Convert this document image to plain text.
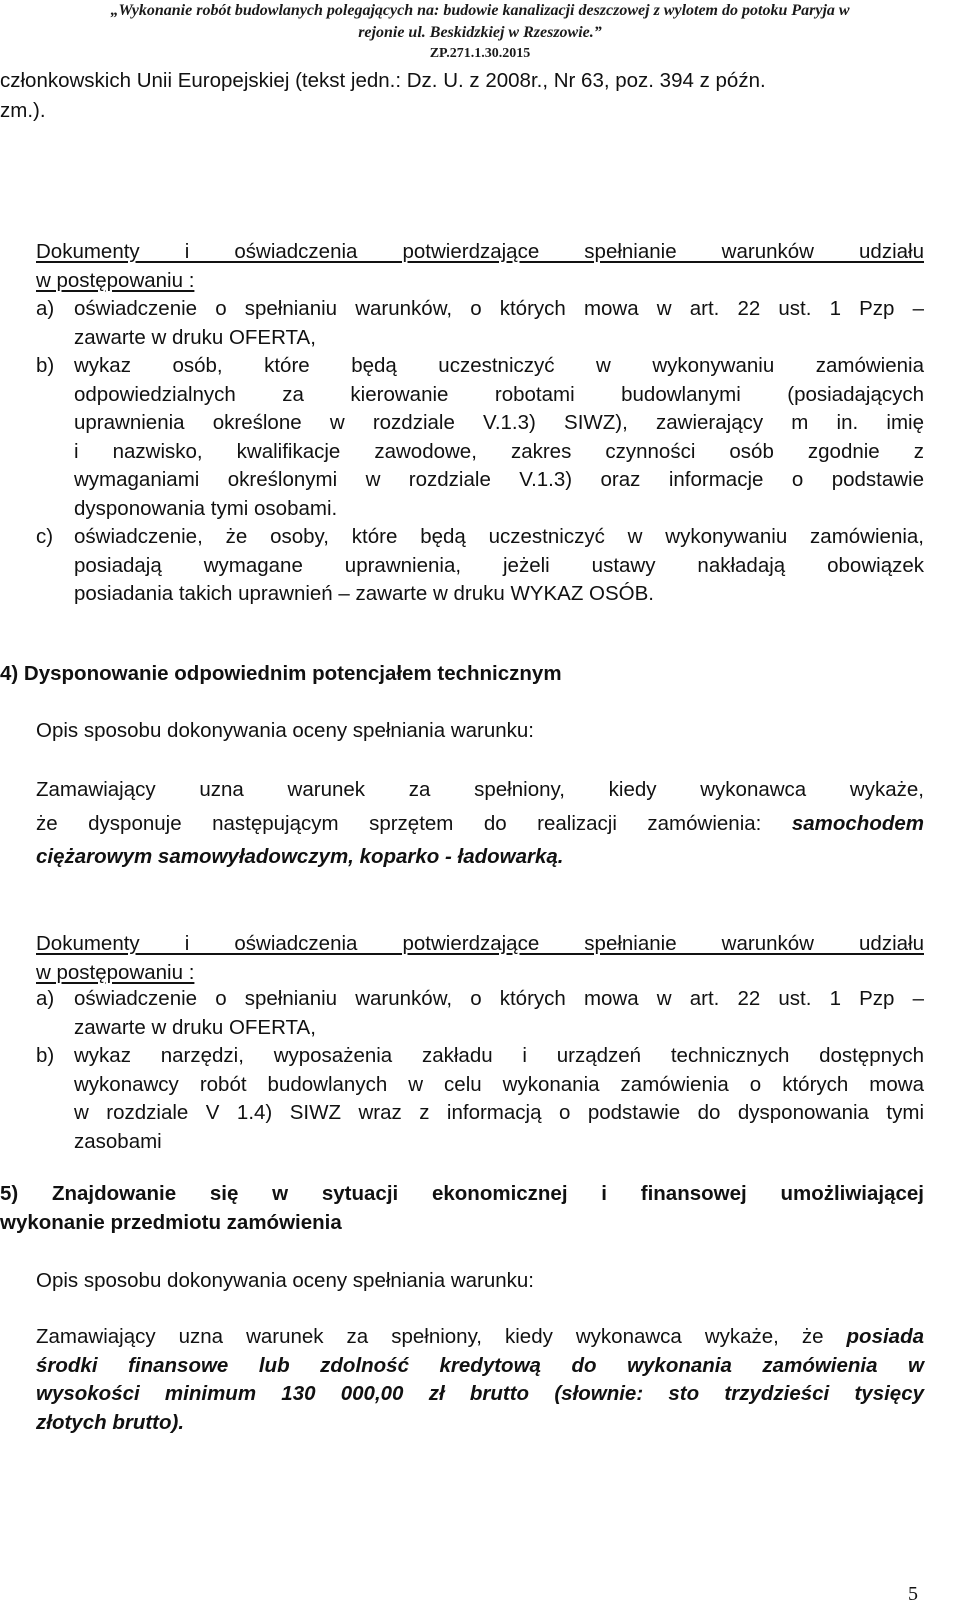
„Wykonanie robót budowlanych polegających na: budowie kanalizacji deszczowej z wylotem do potoku Paryja w
rejonie ul. Beskidzkiej w Rzeszowie.”
ZP.271.1.30.2015
członkowskich Unii Europejskiej (tekst jedn.: Dz. U. z 2008r., Nr 63, poz. 394 z późn.
zm.).
Dokumenty i oświadczenia potwierdzające spełnianie warunków udziału
w postępowaniu :
a) oświadczenie o spełnianiu warunków, o których mowa w art. 22 ust. 1 Pzp –
zawarte w druku OFERTA,
b) wykaz osób, które będą uczestniczyć w wykonywaniu zamówienia
odpowiedzialnych za kierowanie robotami budowlanymi (posiadających
uprawnienia określone w rozdziale V.1.3) SIWZ), zawierający m in. imię
i nazwisko, kwalifikacje zawodowe, zakres czynności osób zgodnie z
wymaganiami określonymi w rozdziale V.1.3) oraz informacje o podstawie
dysponowania tymi osobami.
c) oświadczenie, że osoby, które będą uczestniczyć w wykonywaniu zamówienia,
posiadają wymagane uprawnienia, jeżeli ustawy nakładają obowiązek
posiadania takich uprawnień – zawarte w druku WYKAZ OSÓB.
4) Dysponowanie odpowiednim potencjałem technicznym
Opis sposobu dokonywania oceny spełniania warunku:
Zamawiający uzna warunek za spełniony, kiedy wykonawca wykaże,
że dysponuje następującym sprzętem do realizacji zamówienia: samochodem
ciężarowym samowyładowczym, koparko - ładowarką.
Dokumenty i oświadczenia potwierdzające spełnianie warunków udziału
w postępowaniu :
a) oświadczenie o spełnianiu warunków, o których mowa w art. 22 ust. 1 Pzp –
zawarte w druku OFERTA,
b) wykaz narzędzi, wyposażenia zakładu i urządzeń technicznych dostępnych
wykonawcy robót budowlanych w celu wykonania zamówienia o których mowa
w rozdziale V 1.4) SIWZ wraz z informacją o podstawie do dysponowania tymi
zasobami
5) Znajdowanie się w sytuacji ekonomicznej i finansowej umożliwiającej
wykonanie przedmiotu zamówienia
Opis sposobu dokonywania oceny spełniania warunku:
Zamawiający uzna warunek za spełniony, kiedy wykonawca wykaże, że posiada
środki finansowe lub zdolność kredytową do wykonania zamówienia w
wysokości minimum 130 000,00 zł brutto (słownie: sto trzydzieści tysięcy
złotych brutto).
5
